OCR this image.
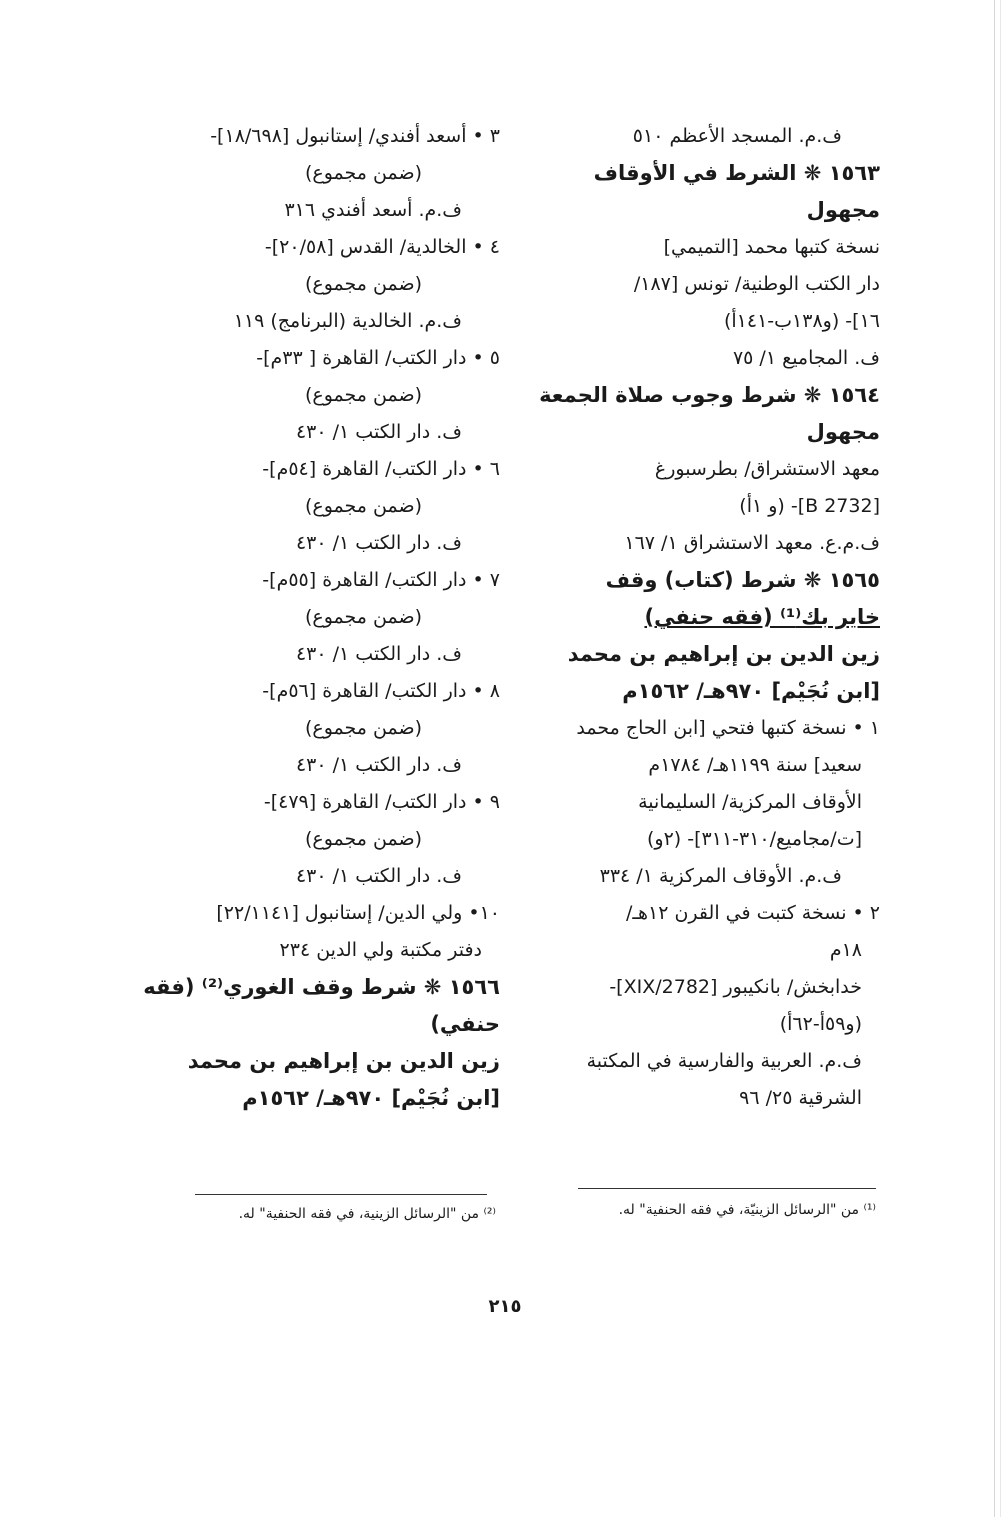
ف.م. المسجد الأعظم ٥١٠
١٥٦٣ ❋ الشرط في الأوقاف
مجهول
نسخة كتبها محمد [التميمي]
دار الكتب الوطنية/ تونس [١٨٧/
١٦]- (و١٣٨ب-١٤١أ)
ف. المجاميع ١/ ٧٥
١٥٦٤ ❋ شرط وجوب صلاة الجمعة
مجهول
معهد الاستشراق/ بطرسبورغ
[B 2732]- (و ١أ)
ف.م.ع. معهد الاستشراق ١/ ١٦٧
١٥٦٥ ❋ شرط (كتاب) وقف
خاير بك⁽¹⁾ (فقه حنفي)
زين الدين بن إبراهيم بن محمد
[ابن نُجَيْم] ٩٧٠هـ/ ١٥٦٢م
١ • نسخة كتبها فتحي [ابن الحاج محمد
سعيد] سنة ١١٩٩هـ/ ١٧٨٤م
الأوقاف المركزية/ السليمانية
[ت/مجاميع/٣١٠-٣١١]- (٢و)
ف.م. الأوقاف المركزية ١/ ٣٣٤
٢ • نسخة كتبت في القرن ١٢هـ/
١٨م
خدابخش/ بانكيبور [2782/XIX]-
(و٥٩أ-٦٢أ)
ف.م. العربية والفارسية في المكتبة
الشرقية ٢٥/ ٩٦
٣ • أسعد أفندي/ إستانبول [١٨/٦٩٨]-
(ضمن مجموع)
ف.م. أسعد أفندي ٣١٦
٤ • الخالدية/ القدس [٢٠/٥٨]-
(ضمن مجموع)
ف.م. الخالدية (البرنامج) ١١٩
٥ • دار الكتب/ القاهرة [ ٣٣م]-
(ضمن مجموع)
ف. دار الكتب ١/ ٤٣٠
٦ • دار الكتب/ القاهرة [٥٤م]-
(ضمن مجموع)
ف. دار الكتب ١/ ٤٣٠
٧ • دار الكتب/ القاهرة [٥٥م]-
(ضمن مجموع)
ف. دار الكتب ١/ ٤٣٠
٨ • دار الكتب/ القاهرة [٥٦م]-
(ضمن مجموع)
ف. دار الكتب ١/ ٤٣٠
٩ • دار الكتب/ القاهرة [٤٧٩]-
(ضمن مجموع)
ف. دار الكتب ١/ ٤٣٠
١٠• ولي الدين/ إستانبول [٢٢/١١٤١]
دفتر مكتبة ولي الدين ٢٣٤
١٥٦٦ ❋ شرط وقف الغوري⁽²⁾ (فقه
حنفي)
زين الدين بن إبراهيم بن محمد
[ابن نُجَيْم] ٩٧٠هـ/ ١٥٦٢م
⁽¹⁾ من "الرسائل الزينيّة، في فقه الحنفية" له.
⁽²⁾ من "الرسائل الزينية، في فقه الحنفية" له.
٢١٥
